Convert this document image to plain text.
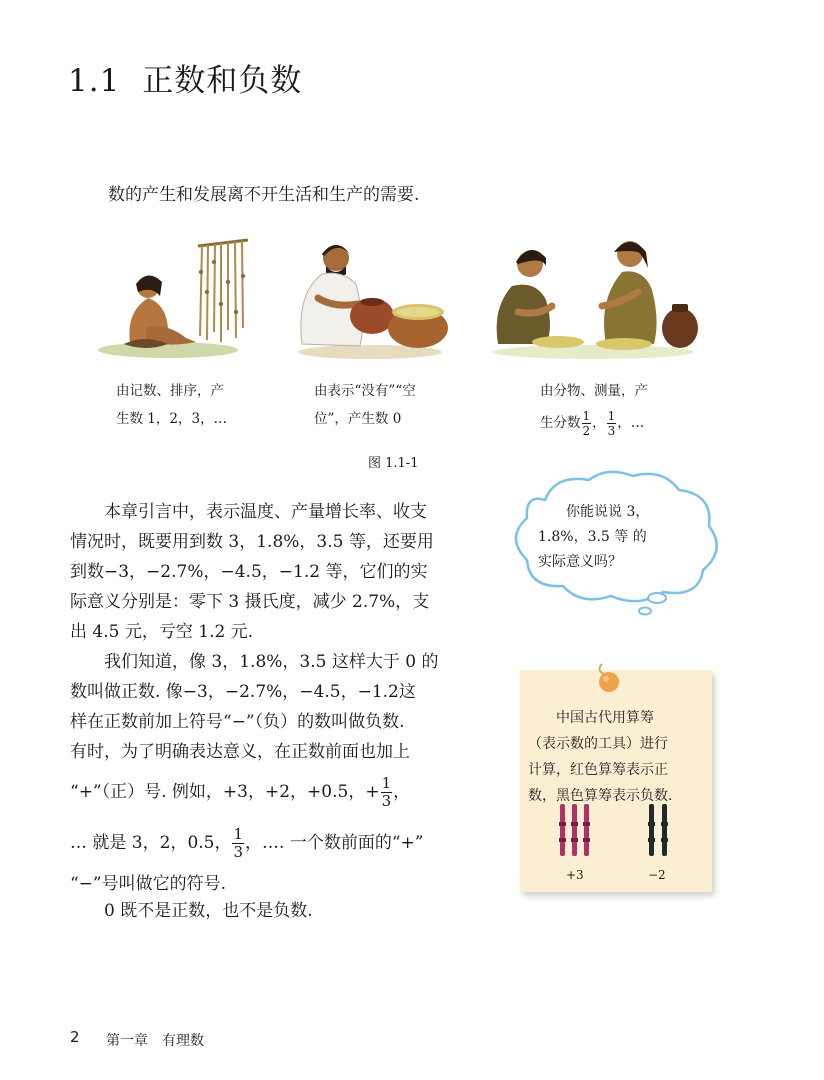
1.1 正数和负数
数的产生和发展离不开生活和生产的需要.
由记数、排序，产
生数 1，2，3，…
由表示“没有”“空
位”，产生数 0
由分物、测量，产
生分数 $\frac{1}{2}$ ， $\frac{1}{3}$ ，…
图 1.1-1

本章引言中，表示温度、产量增长率、收支

情况时，既要用到数 3，1.8%，3.5 等，还要用

到数−3，−2.7%，−4.5，−1.2 等，它们的实

际意义分别是：零下 3 摄氏度，减少 2.7%，支

出 4.5 元，亏空 1.2 元.

我们知道，像 3，1.8%，3.5 这样大于 0 的

数叫做正数. 像−3，−2.7%，−4.5，−1.2这

样在正数前加上符号“−”（负）的数叫做负数.

有时，为了明确表达意义，在正数前面也加上

“+”（正）号. 例如，+3，+2，+0.5，+ $\frac{1}{3}$ ，

… 就是 3，2，0.5， $\frac{1}{3}$ ，…. 一个数前面的“+”

“−”号叫做它的符号.

0 既不是正数，也不是负数.

你能说说 3，
1.8%，3.5 等 的
实际意义吗？
中国古代用算筹
（表示数的工具）进行
计算，红色算筹表示正
数，黑色算筹表示负数.
+3	−2
2 第一章　有理数
